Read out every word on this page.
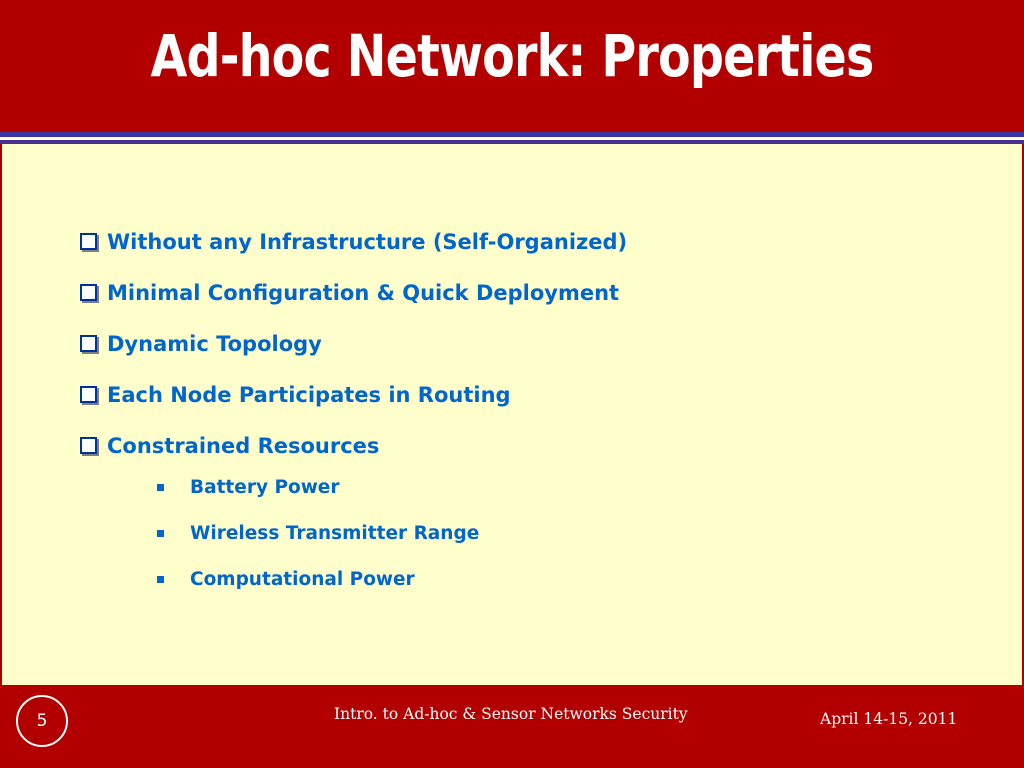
Ad-hoc Network: Properties
Without any Infrastructure (Self-Organized)
Minimal Configuration & Quick Deployment
Dynamic Topology
Each Node Participates in Routing
Constrained Resources
Battery Power
Wireless Transmitter Range
Computational Power
5	Intro. to Ad-hoc & Sensor Networks Security	April 14-15, 2011
